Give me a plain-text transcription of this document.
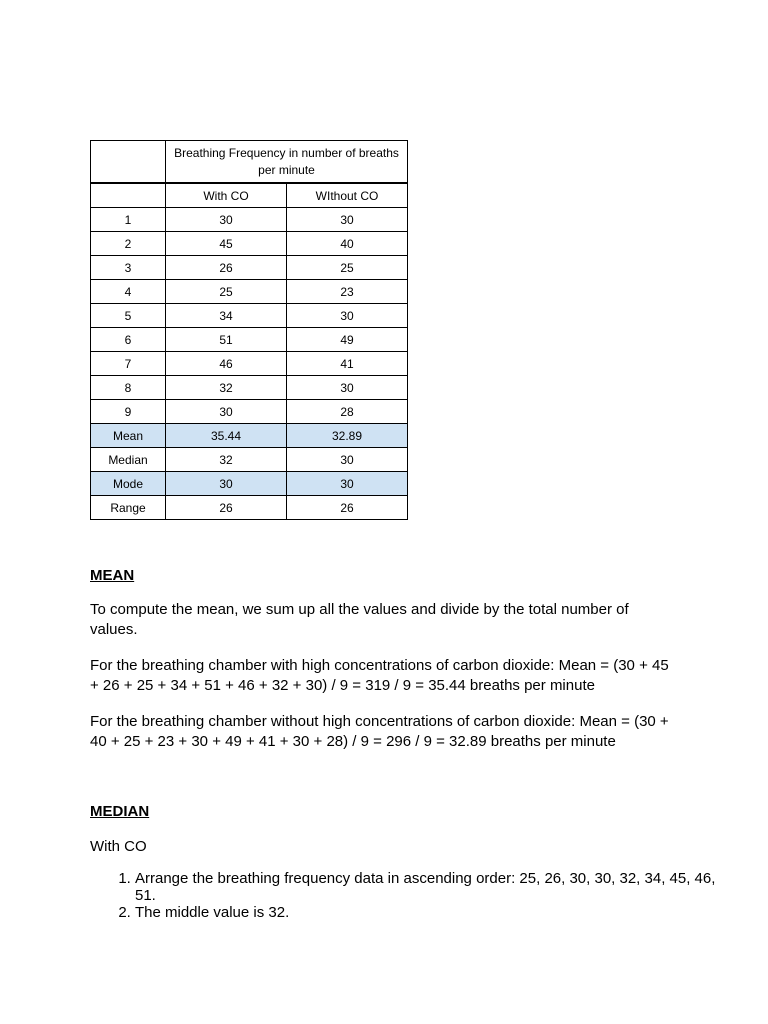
	Breathing Frequency in number of breaths per minute	
	With CO	WIthout CO
1	30	30
2	45	40
3	26	25
4	25	23
5	34	30
6	51	49
7	46	41
8	32	30
9	30	28
Mean	35.44	32.89
Median	32	30
Mode	30	30
Range	26	26
MEAN
To compute the mean, we sum up all the values and divide by the total number of values.
For the breathing chamber with high concentrations of carbon dioxide: Mean = (30 + 45 + 26 + 25 + 34 + 51 + 46 + 32 + 30) / 9 = 319 / 9 = 35.44 breaths per minute
For the breathing chamber without high concentrations of carbon dioxide: Mean = (30 + 40 + 25 + 23 + 30 + 49 + 41 + 30 + 28) / 9 = 296 / 9 = 32.89 breaths per minute
MEDIAN
With CO
1. Arrange the breathing frequency data in ascending order: 25, 26, 30, 30, 32, 34, 45, 46, 51.
2. The middle value is 32.
